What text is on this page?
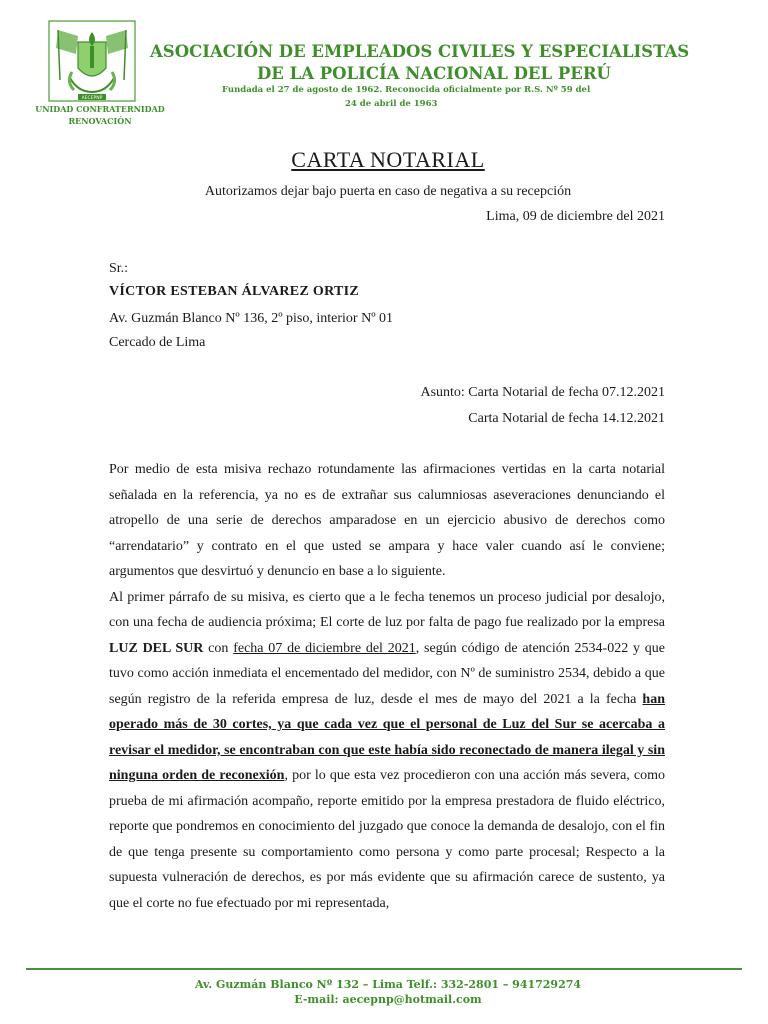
AECEPNP
ASOCIACIÓN DE EMPLEADOS CIVILES Y ESPECIALISTAS
DE LA POLICÍA NACIONAL DEL PERÚ
Fundada el 27 de agosto de 1962. Reconocida oficialmente por R.S. Nº 59 del
24 de abril de 1963
UNIDAD CONFRATERNIDAD
RENOVACIÓN
CARTA NOTARIAL
Autorizamos dejar bajo puerta en caso de negativa a su recepción
Lima, 09 de diciembre del 2021
Sr.:
VÍCTOR ESTEBAN ÁLVAREZ ORTIZ
Av. Guzmán Blanco Nº 136, 2º piso, interior Nº 01
Cercado de Lima
Asunto: Carta Notarial de fecha 07.12.2021
Carta Notarial de fecha 14.12.2021

Por medio de esta misiva rechazo rotundamente las afirmaciones vertidas en la carta notarial señalada en la referencia, ya no es de extrañar sus calumniosas aseveraciones denunciando el atropello de una serie de derechos amparadose en un ejercicio abusivo de derechos como “arrendatario” y contrato en el que usted se ampara y hace valer cuando así le conviene; argumentos que desvirtuó y denuncio en base a lo siguiente.

Al primer párrafo de su misiva, es cierto que a le fecha tenemos un proceso judicial por desalojo, con una fecha de audiencia próxima; El corte de luz por falta de pago fue realizado por la empresa LUZ DEL SUR con fecha 07 de diciembre del 2021, según código de atención 2534-022 y que tuvo como acción inmediata el encementado del medidor, con Nº de suministro 2534, debido a que según registro de la referida empresa de luz, desde el mes de mayo del 2021 a la fecha han operado más de 30 cortes, ya que cada vez que el personal de Luz del Sur se acercaba a revisar el medidor, se encontraban con que este había sido reconectado de manera ilegal y sin ninguna orden de reconexión, por lo que esta vez procedieron con una acción más severa, como prueba de mi afirmación acompaño, reporte emitido por la empresa prestadora de fluido eléctrico, reporte que pondremos en conocimiento del juzgado que conoce la demanda de desalojo, con el fin de que tenga presente su comportamiento como persona y como parte procesal; Respecto a la supuesta vulneración de derechos, es por más evidente que su afirmación carece de sustento, ya que el corte no fue efectuado por mi representada,

Av. Guzmán Blanco Nº 132 – Lima Telf.: 332-2801 – 941729274
E-mail: aecepnp@hotmail.com
